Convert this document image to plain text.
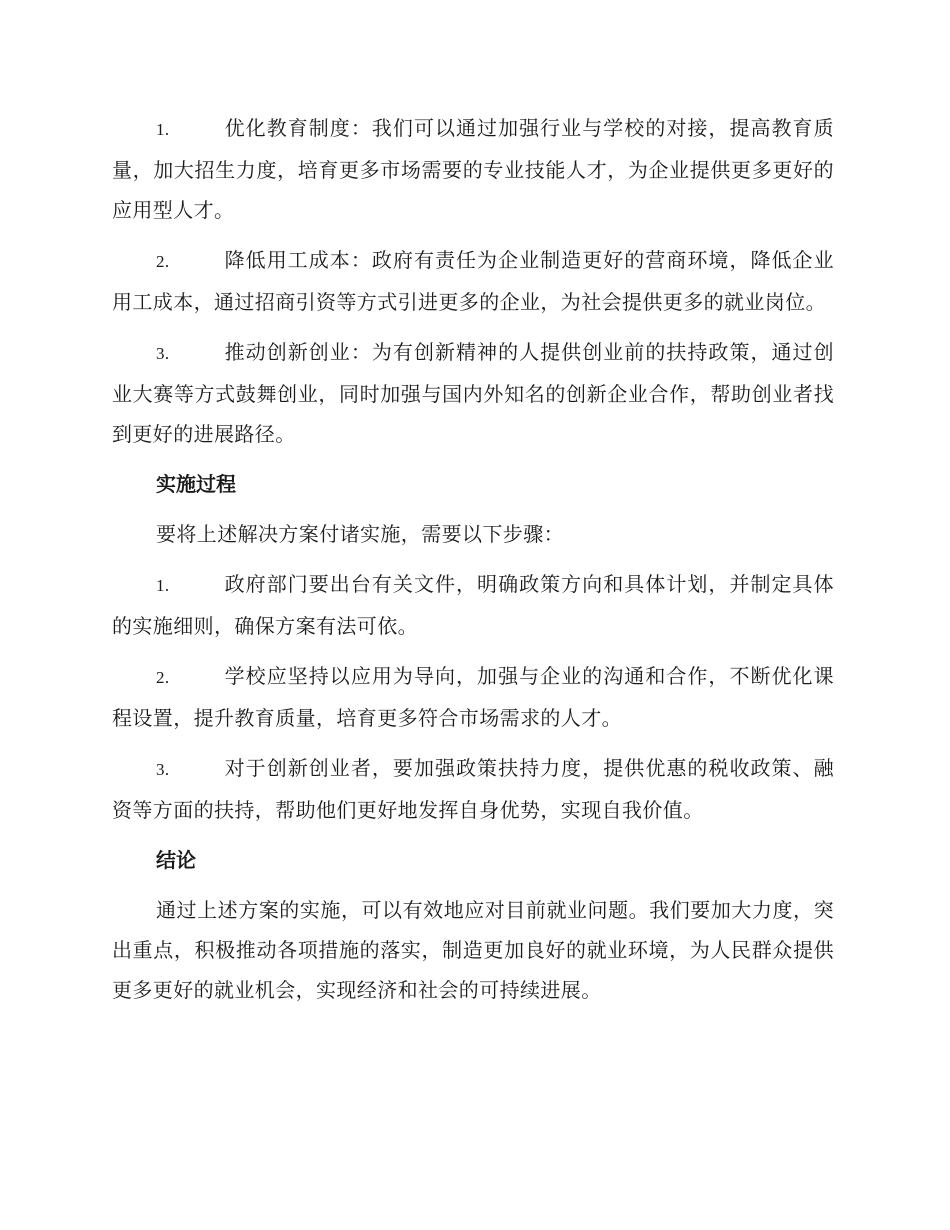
1.	优化教育制度：我们可以通过加强行业与学校的对接，提高教育质量，加大招生力度，培育更多市场需要的专业技能人才，为企业提供更多更好的应用型人才。

2.	降低用工成本：政府有责任为企业制造更好的营商环境，降低企业用工成本，通过招商引资等方式引进更多的企业，为社会提供更多的就业岗位。

3.	推动创新创业：为有创新精神的人提供创业前的扶持政策，通过创业大赛等方式鼓舞创业，同时加强与国内外知名的创新企业合作，帮助创业者找到更好的进展路径。

实施过程

要将上述解决方案付诸实施，需要以下步骤：

1.	政府部门要出台有关文件，明确政策方向和具体计划，并制定具体的实施细则，确保方案有法可依。

2.	学校应坚持以应用为导向，加强与企业的沟通和合作，不断优化课程设置，提升教育质量，培育更多符合市场需求的人才。

3.	对于创新创业者，要加强政策扶持力度，提供优惠的税收政策、融资等方面的扶持，帮助他们更好地发挥自身优势，实现自我价值。

结论

通过上述方案的实施，可以有效地应对目前就业问题。我们要加大力度，突出重点，积极推动各项措施的落实，制造更加良好的就业环境，为人民群众提供更多更好的就业机会，实现经济和社会的可持续进展。
